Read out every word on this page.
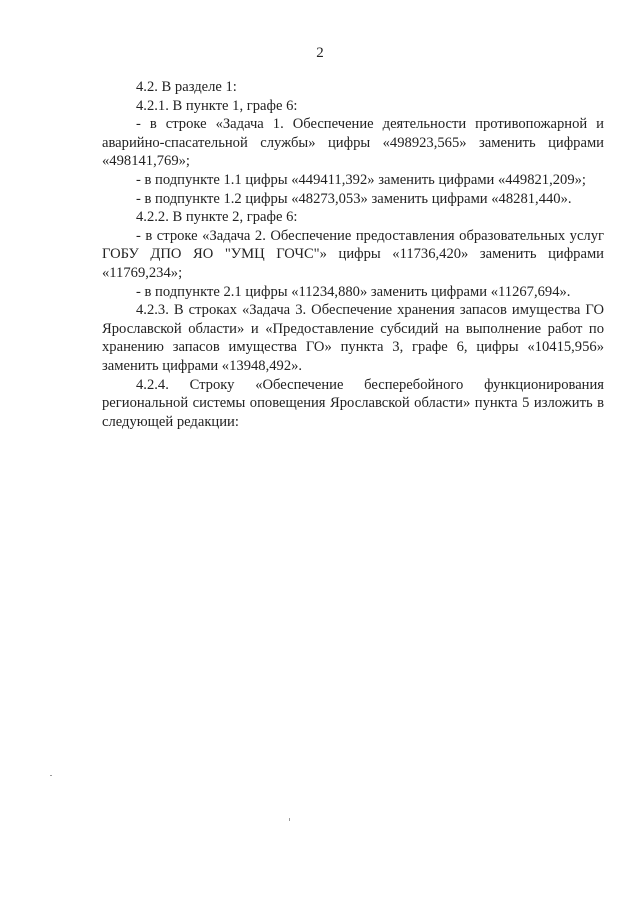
2

4.2. В разделе 1:

4.2.1. В пункте 1, графе 6:

- в строке «Задача 1. Обеспечение деятельности противопожарной и аварийно-спасательной службы» цифры «498923,565» заменить цифрами «498141,769»;

- в подпункте 1.1 цифры «449411,392» заменить цифрами «449821,209»;

- в подпункте 1.2 цифры «48273,053» заменить цифрами «48281,440».

4.2.2. В пункте 2, графе 6:

- в строке «Задача 2. Обеспечение предоставления образовательных услуг ГОБУ ДПО ЯО "УМЦ ГОЧС"» цифры «11736,420» заменить цифрами «11769,234»;

- в подпункте 2.1 цифры «11234,880» заменить цифрами «11267,694».

4.2.3. В строках «Задача 3. Обеспечение хранения запасов имущества ГО Ярославской области» и «Предоставление субсидий на выполнение работ по хранению запасов имущества ГО» пункта 3, графе 6, цифры «10415,956» заменить цифрами «13948,492».

4.2.4. Строку «Обеспечение бесперебойного функционирования региональной системы оповещения Ярославской области» пункта 5 изложить в следующей редакции:
